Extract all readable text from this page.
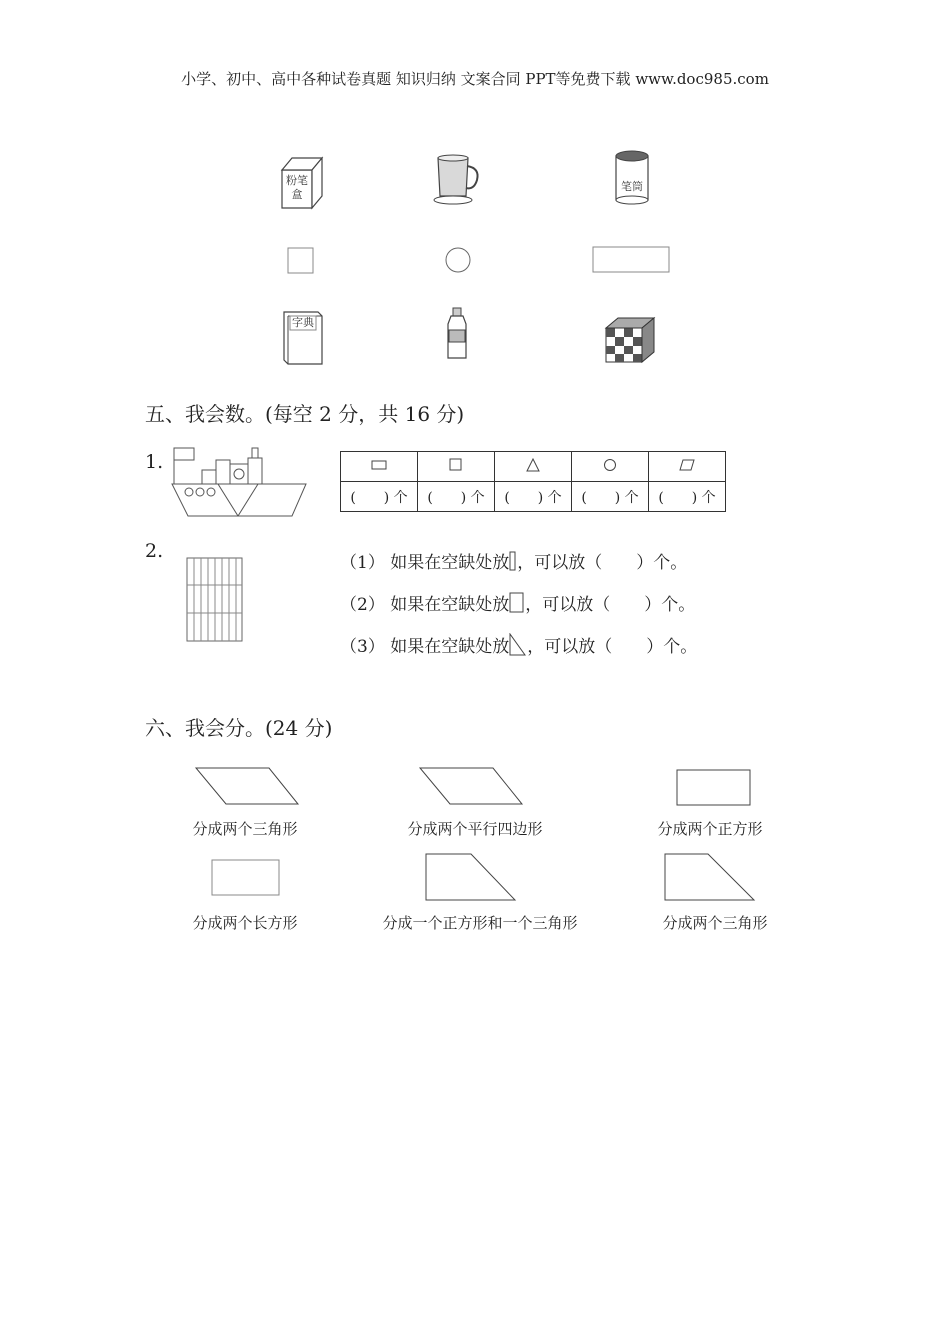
小学、初中、高中各种试卷真题 知识归纳 文案合同 PPT等免费下载 www.doc985.com
粉笔
盒
笔筒
字典
五、我会数。(每空 2 分，共 16 分)
1.

(　　) 个	(　　) 个	(　　) 个	(　　) 个	(　　) 个
2.
（1） 如果在空缺处放 ，可以放（　　）个。
（2） 如果在空缺处放 ，可以放（　　）个。
（3） 如果在空缺处放 ，可以放（　　）个。
六、我会分。(24 分)
分成两个三角形	分成两个平行四边形	分成两个正方形
分成两个长方形	分成一个正方形和一个三角形	分成两个三角形
